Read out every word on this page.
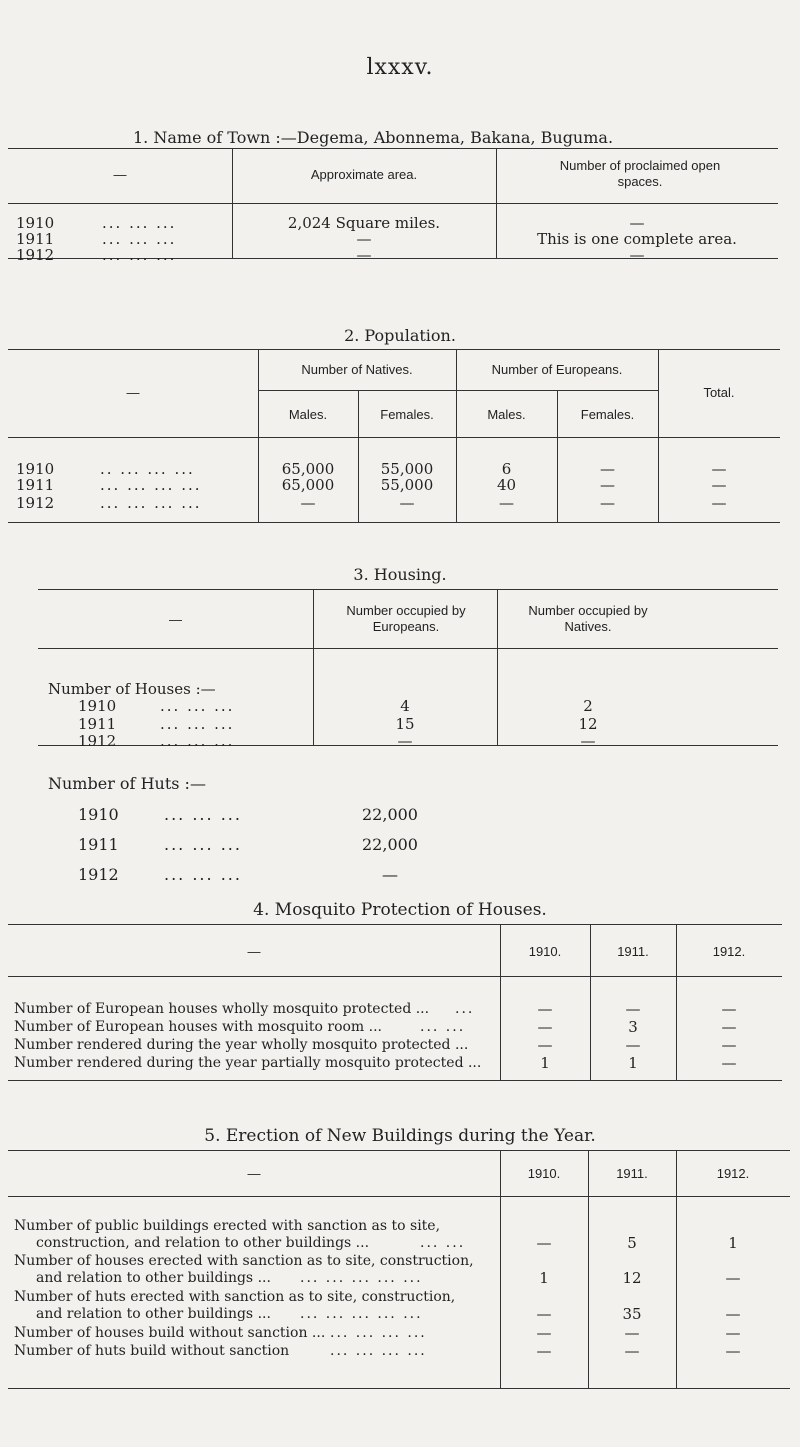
lxxxv.
1. Name of Town :—Degema, Abonnema, Bakana, Buguma.
—	Approximate area.
Number of proclaimed open spaces.
1910	... ... ...	2,024 Square miles.	—
1911	... ... ...	—	This is one complete area.
1912	... ... ...	—	—
2. Population.
—
Number of Natives.	Number of Europeans.
Total.
Males.	Females.	Males.	Females.
1910	.. ... ... ...	65,000	55,000	6	—	—
1911	... ... ... ...	65,000	55,000	40	—	—
1912	... ... ... ...	—	—	—	—	—
3. Housing.
—
Number occupied by Europeans.
Number occupied by Natives.
Number of Houses :—
1910	... ... ...	4	2
1911	... ... ...	15	12
1912	... ... ...	—	—
Number of Huts :—
1910	... ... ...	22,000
1911	... ... ...	22,000
1912	... ... ...	—
4. Mosquito Protection of Houses.
—	1910.	1911.	1912.
Number of European houses wholly mosquito protected ... ...	—	—	—
Number of European houses with mosquito room ...	... ...	—	3	—
Number rendered during the year wholly mosquito protected ...	—	—	—
Number rendered during the year partially mosquito protected ...	1	1	—
5. Erection of New Buildings during the Year.
—	1910.	1911.	1912.
Number of public buildings erected with sanction as to site,
construction, and relation to other buildings ...	... ...	—	5	1
Number of houses erected with sanction as to site, construction,
and relation to other buildings ... ... ... ... ... ...	1	12	—
Number of huts erected with sanction as to site, construction,
and relation to other buildings ... ... ... ... ... ...	—	35	—
Number of houses build without sanction ... ... ... ... ...	—	—	—
Number of huts build without sanction	... ... ... ...	—	—	—
